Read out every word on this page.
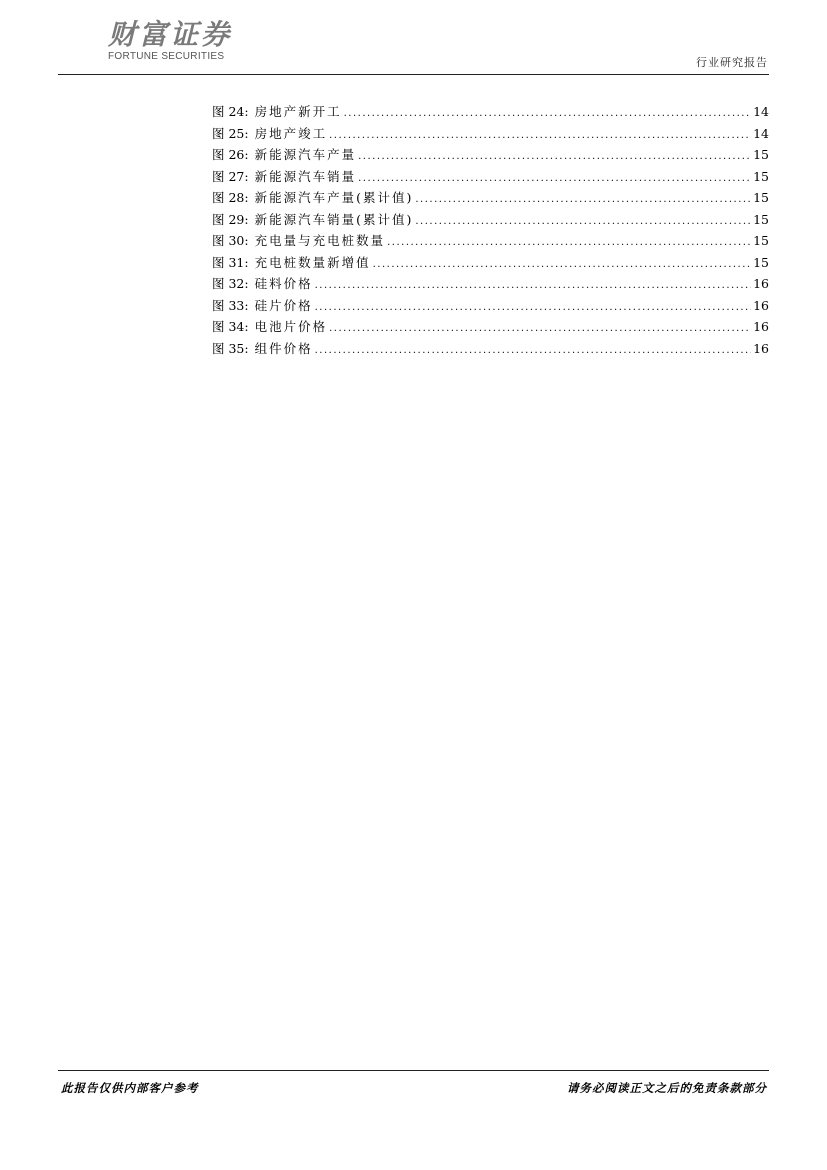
财富证券
FORTUNE SECURITIES	行业研究报告
图 24: 房地产新开工 .....	14
图 25: 房地产竣工 .....	14
图 26: 新能源汽车产量 .....	15
图 27: 新能源汽车销量 .....	15
图 28: 新能源汽车产量(累计值) .....	15
图 29: 新能源汽车销量(累计值) .....	15
图 30: 充电量与充电桩数量 .....	15
图 31: 充电桩数量新增值 .....	15
图 32: 硅料价格 .....	16
图 33: 硅片价格 .....	16
图 34: 电池片价格 .....	16
图 35: 组件价格 .....	16
此报告仅供内部客户参考	请务必阅读正文之后的免责条款部分
